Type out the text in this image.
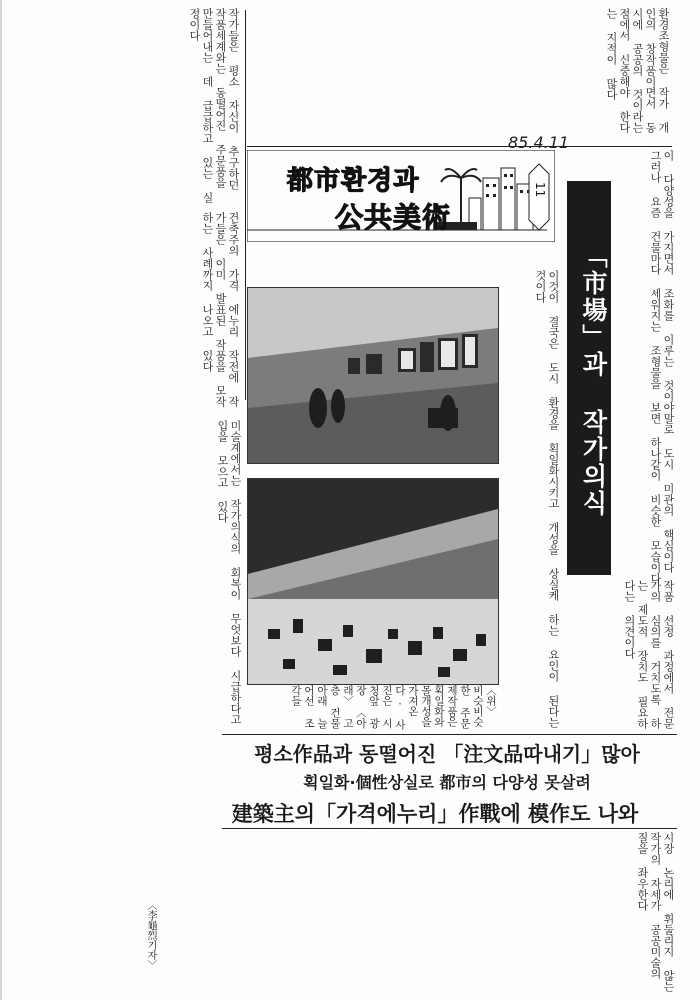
이 다양성을 가지면서 조화를 이루는 것이야말로 도시 미관의 핵심이다. 그러나 요즘 건물마다 세워지는 조형물을 보면 하나같이 비슷한 모습이다
환경조형물은 작가 개인의 창작품이면서 동시에 공공의 것이라는 점에서 신중해야 한다는 지적이 많다
작가들은 평소 자신이 추구하던 작품세계와는 동떨어진 주문품을 만들어내는 데 급급하고 있는 실정이다
건축주의 가격 에누리 작전에 작가들은 이미 발표된 작품을 모작하는 사례까지 나오고 있다	이것이 결국은 도시 환경을 획일화시키고 개성을 상실케 하는 요인이 된다는 것이다
미술계에서는 작가의식의 회복이 무엇보다 시급하다고 입을 모으고 있다
작품 선정 과정에서 전문가의 심의를 거치도록 하는 제도적 장치도 필요하다는 의견이다
시장 논리에 휘둘리지 않는 작가의 자세가 공공미술의 질을 좌우한다
85.4.11
都市환경과
公共美術
11
「市場」과 작가의식
〈위〉 비슷비슷한 주문제작품은 획일화와 몰개성을 가져온다. 사진은 시청앞 광장 〈아래〉 고층 건물 아래 늘어선 조각들
평소作品과 동떨어진 「注文品따내기」많아
획일화·個性상실로 都市의 다양성 못살려
建築主의「가격에누리」作戰에 模作도 나와
〈李龜烈기자〉
